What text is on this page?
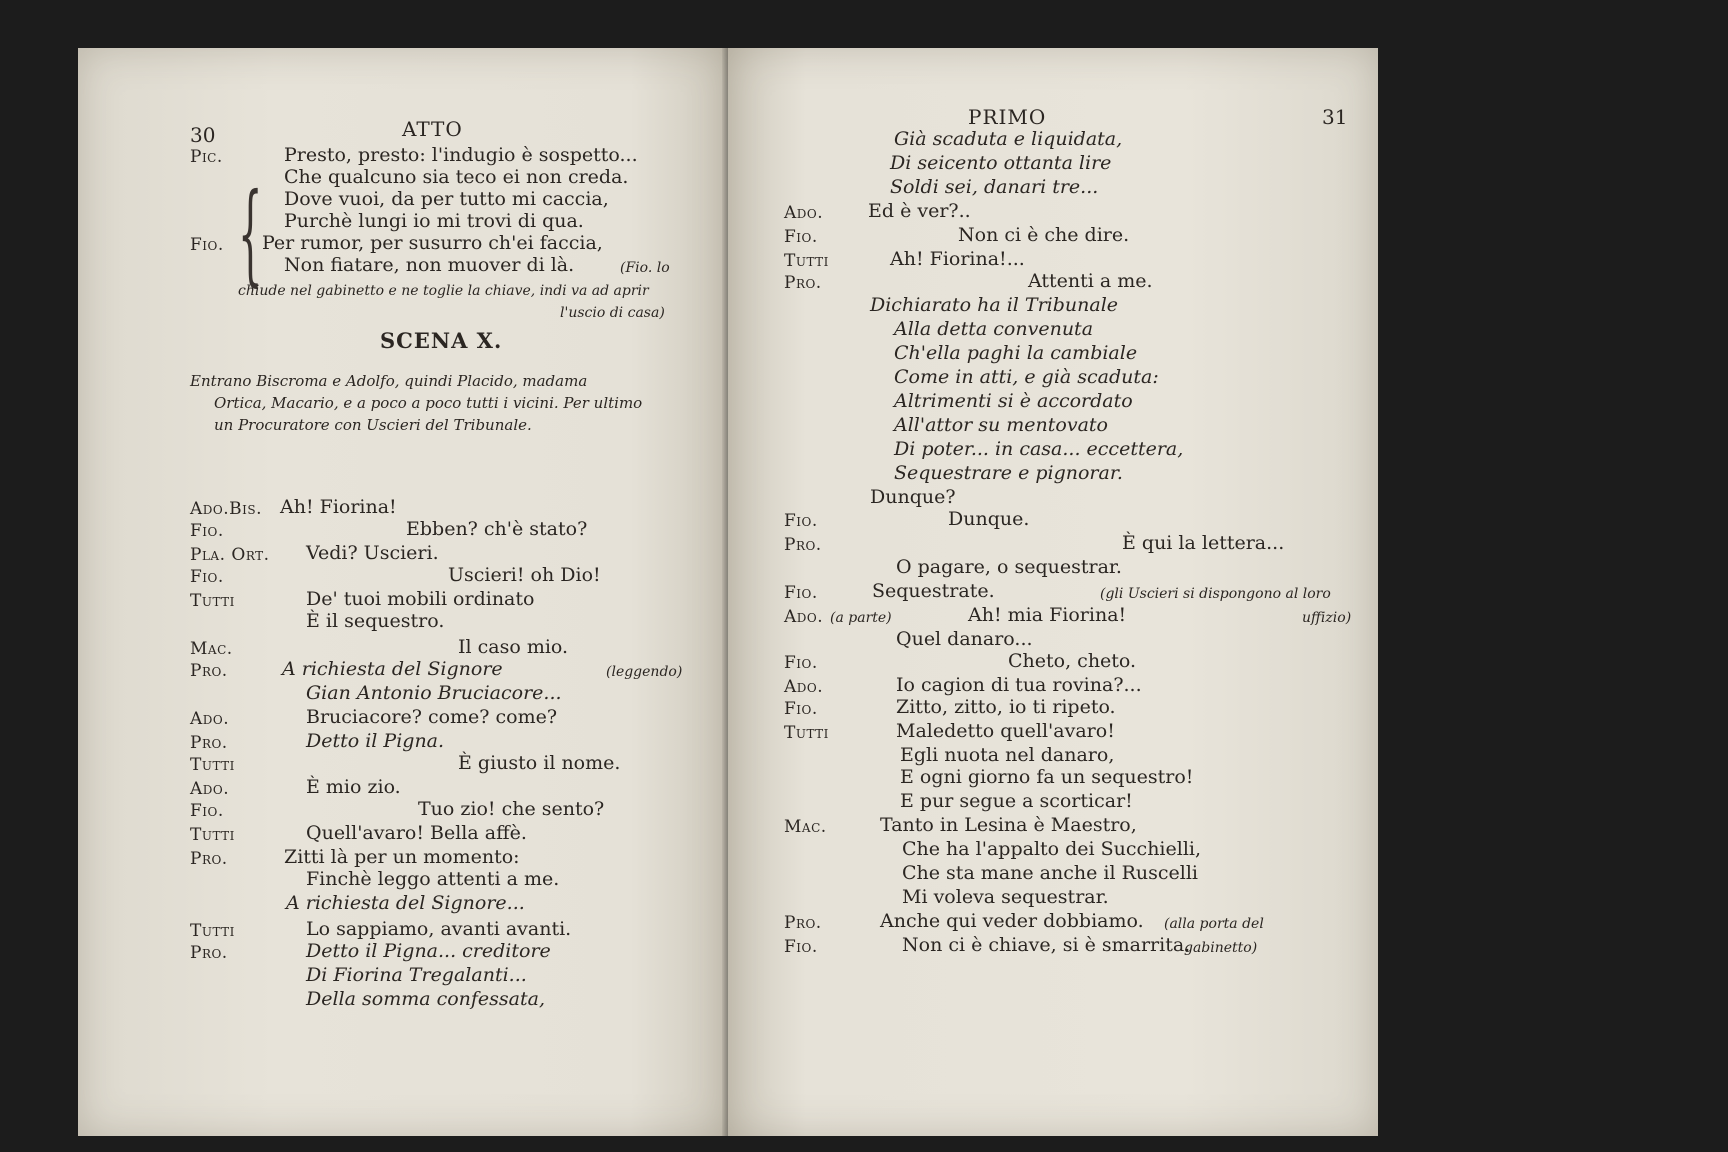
30	ATTO
Pic.	Presto, presto: l'indugio è sospetto...
Che qualcuno sia teco ei non creda.
{ Dove vuoi, da per tutto mi caccia,
Purchè lungi io mi trovi di qua.
Fio. Per rumor, per susurro ch'ei faccia,
Non fiatare, non muover di là.	(Fio. lo
chiude nel gabinetto e ne toglie la chiave, indi va ad aprir
l'uscio di casa)
SCENA X.
Entrano Biscroma e Adolfo, quindi Placido, madama
Ortica, Macario, e a poco a poco tutti i vicini. Per ultimo
un Procuratore con Uscieri del Tribunale.
Ado.Bis. Ah! Fiorina!
Fio.	Ebben? ch'è stato?
Pla. Ort. Vedi? Uscieri.
Fio.	Uscieri! oh Dio!
Tutti	De' tuoi mobili ordinato
È il sequestro.
Mac.	Il caso mio.
Pro.	A richiesta del Signore	(leggendo)
Gian Antonio Bruciacore...
Ado.	Bruciacore? come? come?
Pro.	Detto il Pigna.
Tutti	È giusto il nome.
Ado.	È mio zio.
Fio.	Tuo zio! che sento?
Tutti	Quell'avaro! Bella affè.
Pro.	Zitti là per un momento:
Finchè leggo attenti a me.
A richiesta del Signore...
Tutti	Lo sappiamo, avanti avanti.
Pro.	Detto il Pigna... creditore
Di Fiorina Tregalanti...
Della somma confessata,
PRIMO	31
Già scaduta e liquidata,
Di seicento ottanta lire
Soldi sei, danari tre...
Ado. Ed è ver?..
Fio.	Non ci è che dire.
Tutti	Ah! Fiorina!...
Pro.	Attenti a me.
Dichiarato ha il Tribunale
Alla detta convenuta
Ch'ella paghi la cambiale
Come in atti, e già scaduta:
Altrimenti si è accordato
All'attor su mentovato
Di poter... in casa... eccettera,
Sequestrare e pignorar.
Dunque?
Fio.	Dunque.
Pro.	È qui la lettera...
O pagare, o sequestrar.
Fio.	Sequestrate.	(gli Uscieri si dispongono al loro
Ado. (a parte)	Ah! mia Fiorina!	uffizio)
Quel danaro...
Fio.	Cheto, cheto.
Ado.	Io cagion di tua rovina?...
Fio.	Zitto, zitto, io ti ripeto.
Tutti	Maledetto quell'avaro!
Egli nuota nel danaro,
E ogni giorno fa un sequestro!
E pur segue a scorticar!
Mac.	Tanto in Lesina è Maestro,
Che ha l'appalto dei Succhielli,
Che sta mane anche il Ruscelli
Mi voleva sequestrar.
Pro.	Anche qui veder dobbiamo. (alla porta del
Fio.	Non ci è chiave, si è smarrita.
gabinetto)
